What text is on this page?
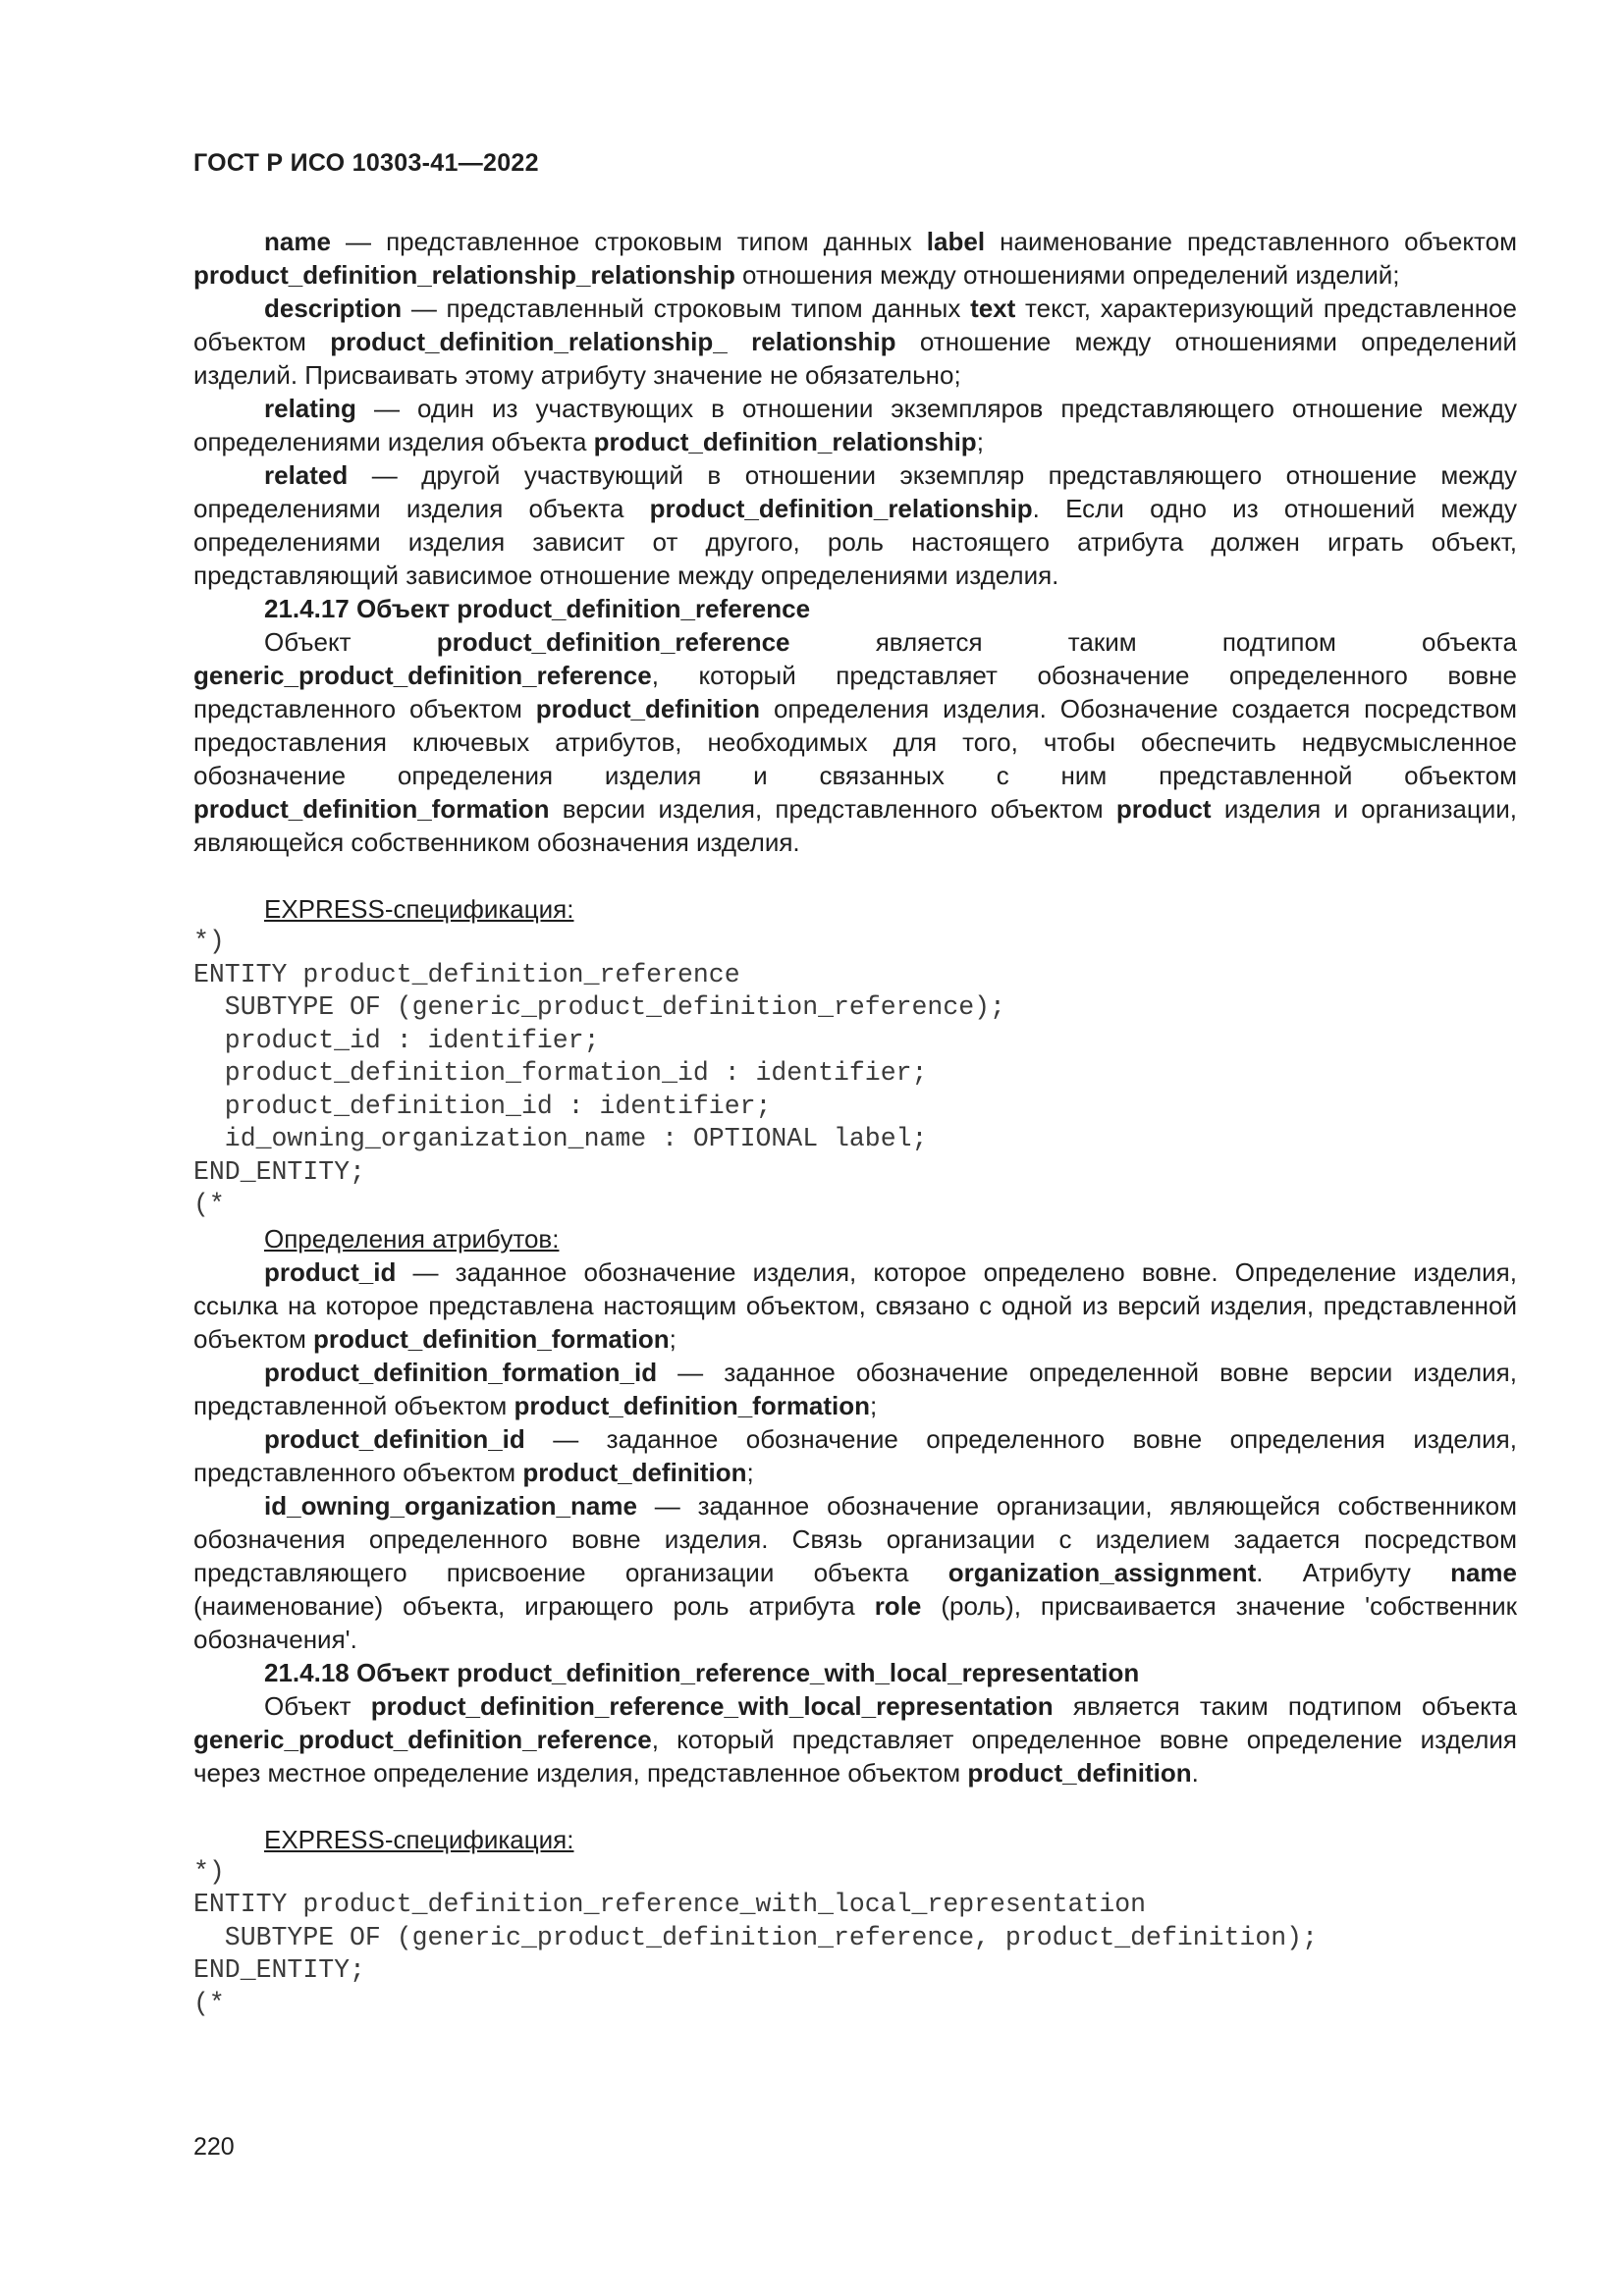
ГОСТ Р ИСО 10303-41—2022

name — представленное строковым типом данных label наименование представленного объектом product_definition_relationship_relationship отношения между отношениями определений изделий;

description — представленный строковым типом данных text текст, характеризующий представленное объектом product_definition_relationship_ relationship отношение между отношениями определений изделий. Присваивать этому атрибуту значение не обязательно;

relating — один из участвующих в отношении экземпляров представляющего отношение между определениями изделия объекта product_definition_relationship;

related — другой участвующий в отношении экземпляр представляющего отношение между определениями изделия объекта product_definition_relationship. Если одно из отношений между определениями изделия зависит от другого, роль настоящего атрибута должен играть объект, представляющий зависимое отношение между определениями изделия.

21.4.17 Объект product_definition_reference

Объект product_definition_reference является таким подтипом объекта generic_product_definition_reference, который представляет обозначение определенного вовне представленного объектом product_definition определения изделия. Обозначение создается посредством предоставления ключевых атрибутов, необходимых для того, чтобы обеспечить недвусмысленное обозначение определения изделия и связанных с ним представленной объектом product_definition_formation версии изделия, представленного объектом product изделия и организации, являющейся собственником обозначения изделия.

EXPRESS-спецификация:
*)
ENTITY product_definition_reference
SUBTYPE OF (generic_product_definition_reference);
product_id : identifier;
product_definition_formation_id : identifier;
product_definition_id : identifier;
id_owning_organization_name : OPTIONAL label;
END_ENTITY;
(*
Определения атрибутов:

product_id — заданное обозначение изделия, которое определено вовне. Определение изделия, ссылка на которое представлена настоящим объектом, связано с одной из версий изделия, представленной объектом product_definition_formation;

product_definition_formation_id — заданное обозначение определенной вовне версии изделия, представленной объектом product_definition_formation;

product_definition_id — заданное обозначение определенного вовне определения изделия, представленного объектом product_definition;

id_owning_organization_name — заданное обозначение организации, являющейся собственником обозначения определенного вовне изделия. Связь организации с изделием задается посредством представляющего присвоение организации объекта organization_assignment. Атрибуту name (наименование) объекта, играющего роль атрибута role (роль), присваивается значение 'собственник обозначения'.

21.4.18 Объект product_definition_reference_with_local_representation

Объект product_definition_reference_with_local_representation является таким подтипом объекта generic_product_definition_reference, который представляет определенное вовне определение изделия через местное определение изделия, представленное объектом product_definition.

EXPRESS-спецификация:
*)
ENTITY product_definition_reference_with_local_representation
SUBTYPE OF (generic_product_definition_reference, product_definition);
END_ENTITY;
(*
220
